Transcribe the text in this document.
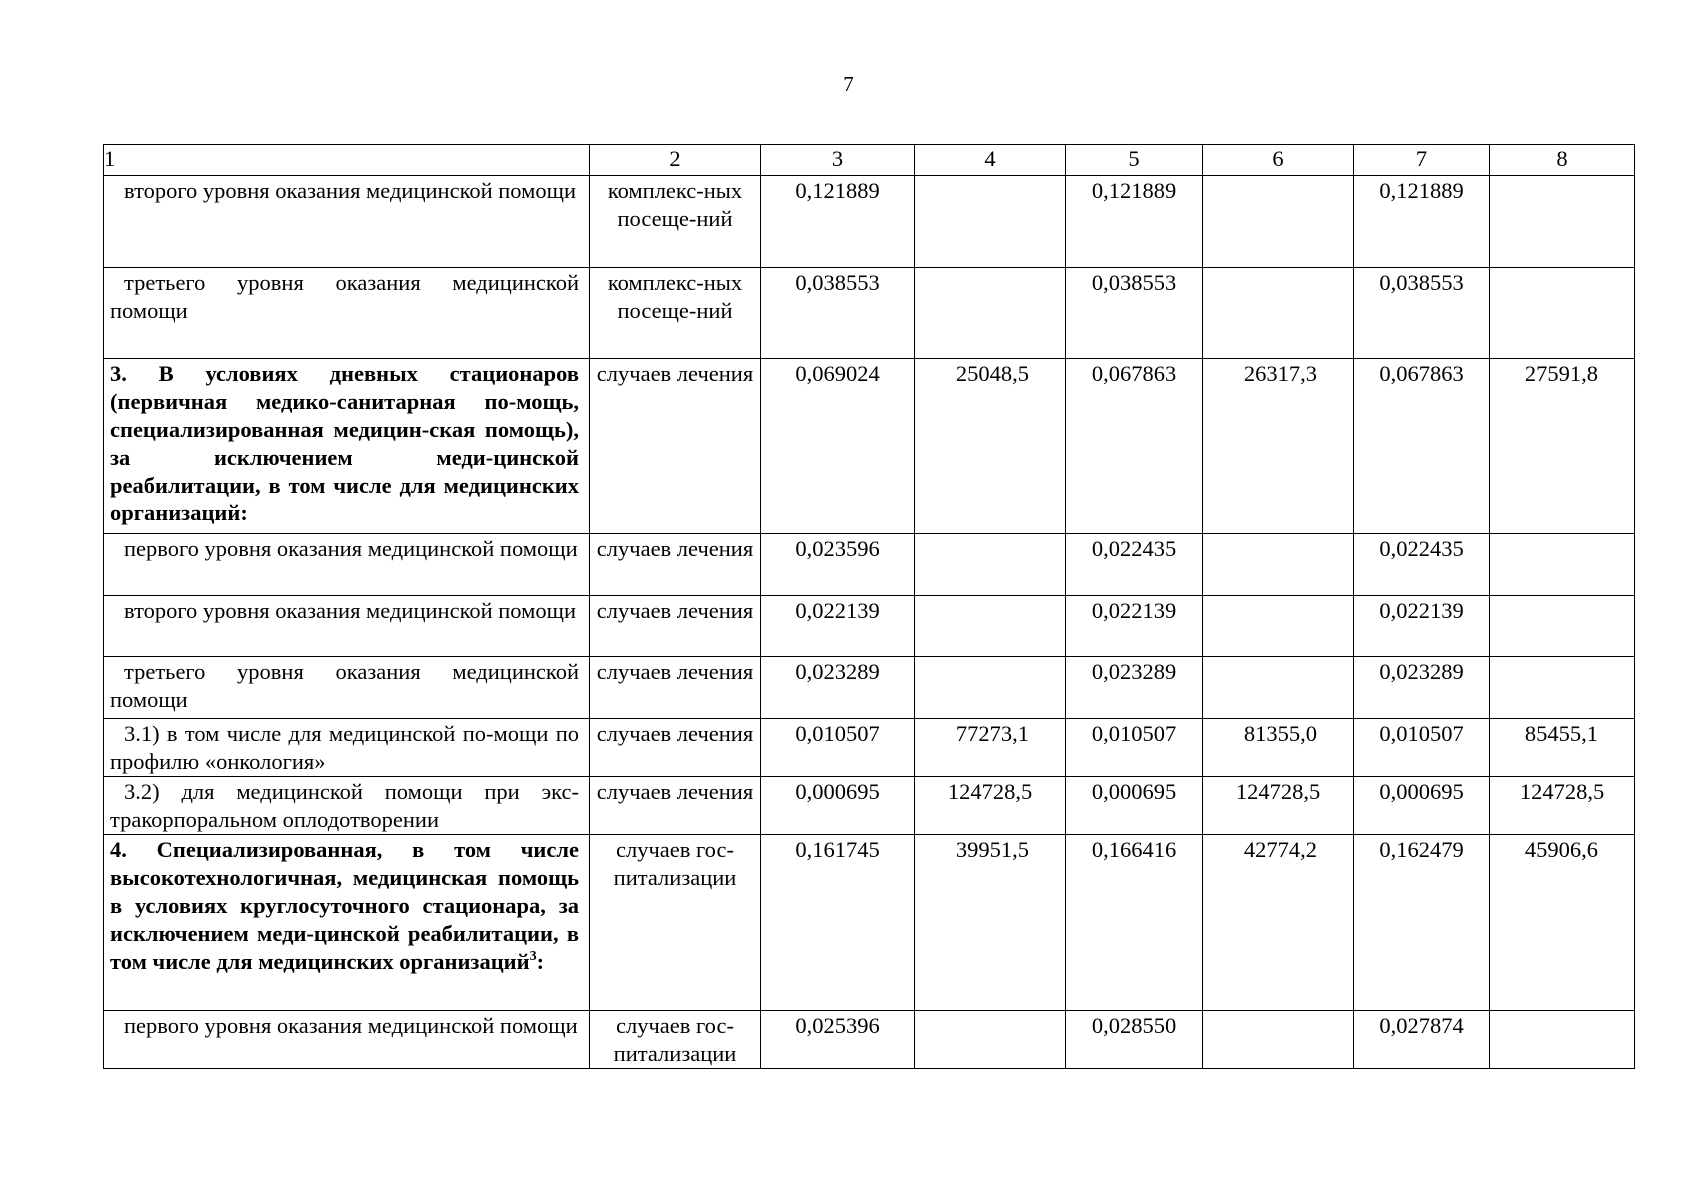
7
1	2	3	4	5	6	7	8
второго уровня оказания медицинской помощи	комплекс-ных посеще-ний	0,121889		0,121889		0,121889	
третьего уровня оказания медицинской помощи	комплекс-ных посеще-ний	0,038553		0,038553		0,038553	
3. В условиях дневных стационаров (первичная медико-санитарная по-мощь, специализированная медицин-ская помощь), за исключением меди-цинской реабилитации, в том числе для медицинских организаций:	случаев лечения	0,069024	25048,5	0,067863	26317,3	0,067863	27591,8
первого уровня оказания медицинской помощи	случаев лечения	0,023596		0,022435		0,022435	
второго уровня оказания медицинской помощи	случаев лечения	0,022139		0,022139		0,022139	
третьего уровня оказания медицинской помощи	случаев лечения	0,023289		0,023289		0,023289	
3.1) в том числе для медицинской по-мощи по профилю «онкология»	случаев лечения	0,010507	77273,1	0,010507	81355,0	0,010507	85455,1
3.2) для медицинской помощи при экс-тракорпоральном оплодотворении	случаев лечения	0,000695	124728,5	0,000695	124728,5	0,000695	124728,5
4. Специализированная, в том числе высокотехнологичная, медицинская помощь в условиях круглосуточного стационара, за исключением меди-цинской реабилитации, в том числе для медицинских организаций$^3$:	случаев гос-питализации	0,161745	39951,5	0,166416	42774,2	0,162479	45906,6
первого уровня оказания медицинской помощи	случаев гос-питализации	0,025396		0,028550		0,027874	
